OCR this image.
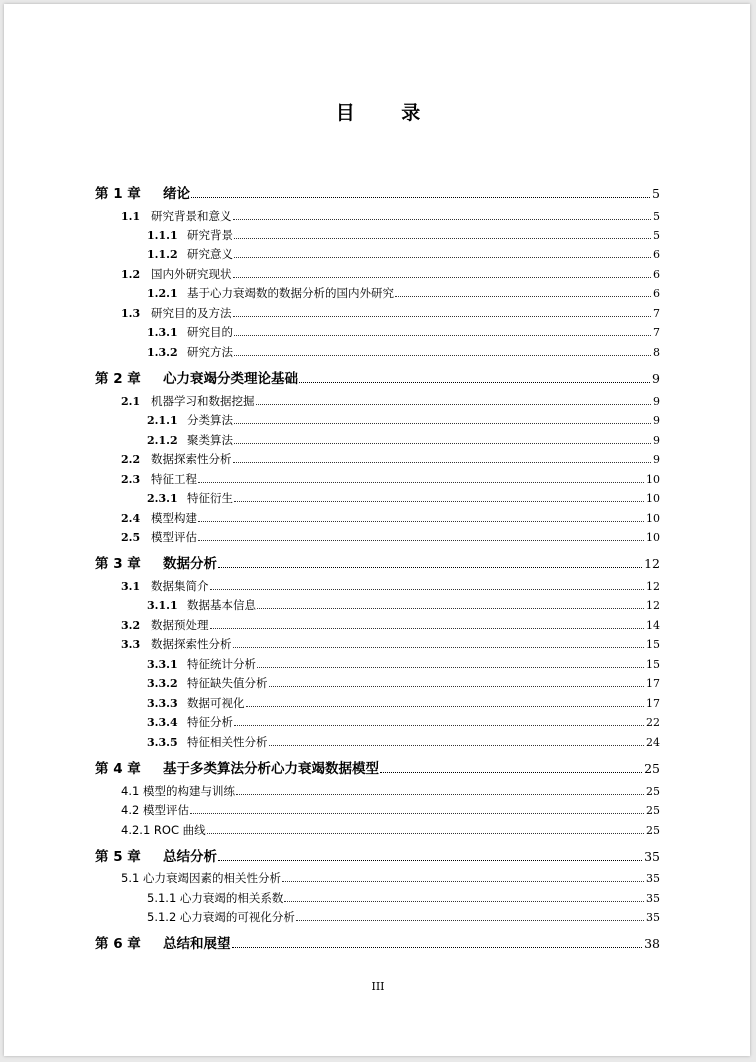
目 录
第 1 章	绪论	5
1.1 研究背景和意义	5
1.1.1 研究背景	5
1.1.2 研究意义	6
1.2 国内外研究现状	6
1.2.1 基于心力衰竭数的数据分析的国内外研究	6
1.3 研究目的及方法	7
1.3.1 研究目的	7
1.3.2 研究方法	8
第 2 章	心力衰竭分类理论基础	9
2.1 机器学习和数据挖掘	9
2.1.1 分类算法	9
2.1.2 聚类算法	9
2.2 数据探索性分析	9
2.3 特征工程	10
2.3.1 特征衍生	10
2.4 模型构建	10
2.5 模型评估	10
第 3 章	数据分析	12
3.1 数据集简介	12
3.1.1 数据基本信息	12
3.2 数据预处理	14
3.3 数据探索性分析	15
3.3.1 特征统计分析	15
3.3.2 特征缺失值分析	17
3.3.3 数据可视化	17
3.3.4 特征分析	22
3.3.5 特征相关性分析	24
第 4 章	基于多类算法分析心力衰竭数据模型	25
4.1 模型的构建与训练	25
4.2 模型评估	25
4.2.1 ROC 曲线	25
第 5 章	总结分析	35
5.1 心力衰竭因素的相关性分析	35
5.1.1 心力衰竭的相关系数	35
5.1.2 心力衰竭的可视化分析	35
第 6 章	总结和展望	38
III
